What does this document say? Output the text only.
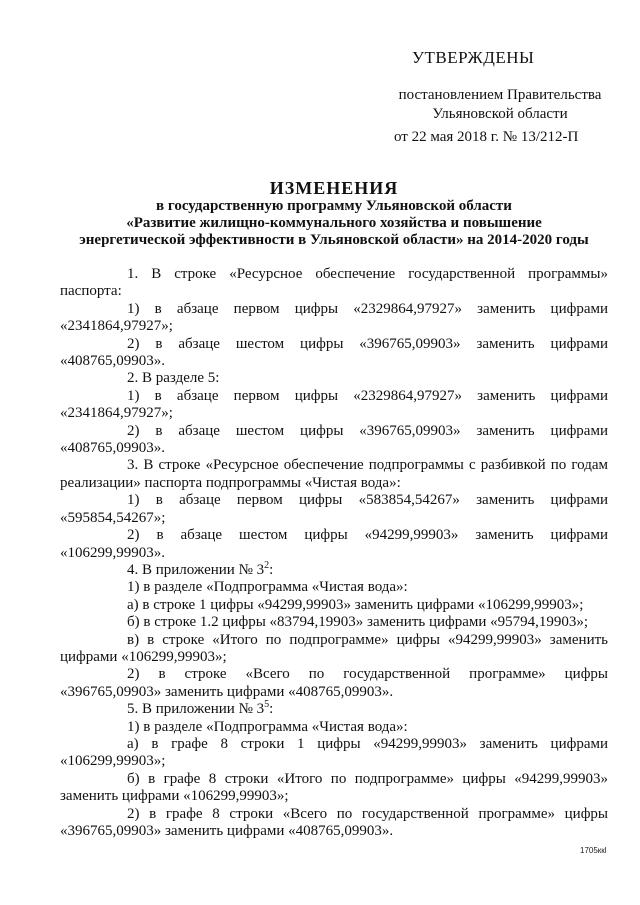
УТВЕРЖДЕНЫ
постановлением Правительства
Ульяновской области
от 22 мая 2018 г. № 13/212-П
ИЗМЕНЕНИЯ
в государственную программу Ульяновской области
«Развитие жилищно-коммунального хозяйства и повышение
энергетической эффективности в Ульяновской области» на 2014-2020 годы
1. В строке «Ресурсное обеспечение государственной программы»
паспорта:
1) в абзаце первом цифры «2329864,97927» заменить цифрами
«2341864,97927»;
2) в абзаце шестом цифры «396765,09903» заменить цифрами
«408765,09903».
2. В разделе 5:
1) в абзаце первом цифры «2329864,97927» заменить цифрами
«2341864,97927»;
2) в абзаце шестом цифры «396765,09903» заменить цифрами
«408765,09903».
3. В строке «Ресурсное обеспечение подпрограммы с разбивкой по годам
реализации» паспорта подпрограммы «Чистая вода»:
1) в абзаце первом цифры «583854,54267» заменить цифрами
«595854,54267»;
2) в абзаце шестом цифры «94299,99903» заменить цифрами
«106299,99903».
4. В приложении № $3^2$:
1) в разделе «Подпрограмма «Чистая вода»:
а) в строке 1 цифры «94299,99903» заменить цифрами «106299,99903»;
б) в строке 1.2 цифры «83794,19903» заменить цифрами «95794,19903»;
в) в строке «Итого по подпрограмме» цифры «94299,99903» заменить
цифрами «106299,99903»;
2) в строке «Всего по государственной программе» цифры
«396765,09903» заменить цифрами «408765,09903».
5. В приложении № $3^5$:
1) в разделе «Подпрограмма «Чистая вода»:
а) в графе 8 строки 1 цифры «94299,99903» заменить цифрами
«106299,99903»;
б) в графе 8 строки «Итого по подпрограмме» цифры «94299,99903»
заменить цифрами «106299,99903»;
2) в графе 8 строки «Всего по государственной программе» цифры
«396765,09903» заменить цифрами «408765,09903».
1705ккl
